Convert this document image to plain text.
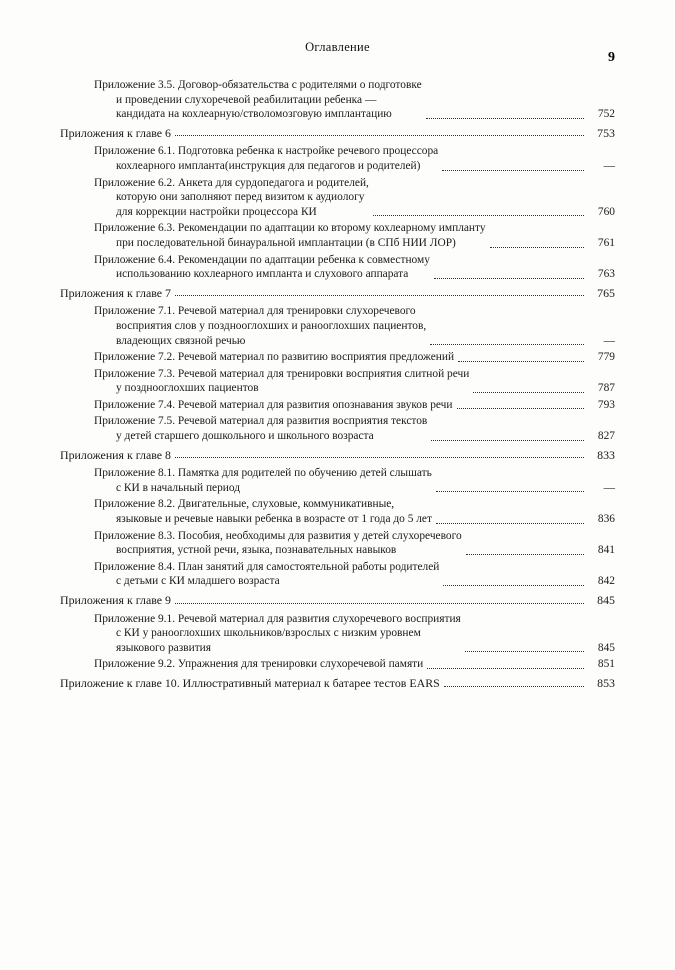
Оглавление
9
Приложение 3.5. Договор-обязательства с родителями о подготовке
и проведении слухоречевой реабилитации ребенка —
кандидата на кохлеарную/стволомозговую имплантацию	752
Приложения к главе 6	753
Приложение 6.1. Подготовка ребенка к настройке речевого процессора
кохлеарного импланта(инструкция для педагогов и родителей)	—
Приложение 6.2. Анкета для сурдопедагога и родителей,
которую они заполняют перед визитом к аудиологу
для коррекции настройки процессора КИ	760
Приложение 6.3. Рекомендации по адаптации ко второму кохлеарному импланту
при последовательной бинауральной имплантации (в СПб НИИ ЛОР)	761
Приложение 6.4. Рекомендации по адаптации ребенка к совместному
использованию кохлеарного импланта и слухового аппарата	763
Приложения к главе 7	765
Приложение 7.1. Речевой материал для тренировки слухоречевого
восприятия слов у позднооглохших и ранооглохших пациентов,
владеющих связной речью	—
Приложение 7.2. Речевой материал по развитию восприятия предложений	779
Приложение 7.3. Речевой материал для тренировки восприятия слитной речи
у позднооглохших пациентов	787
Приложение 7.4. Речевой материал для развития опознавания звуков речи	793
Приложение 7.5. Речевой материал для развития восприятия текстов
у детей старшего дошкольного и школьного возраста	827
Приложения к главе 8	833
Приложение 8.1. Памятка для родителей по обучению детей слышать
с КИ в начальный период	—
Приложение 8.2. Двигательные, слуховые, коммуникативные,
языковые и речевые навыки ребенка в возрасте от 1 года до 5 лет	836
Приложение 8.3. Пособия, необходимы для развития у детей слухоречевого
восприятия, устной речи, языка, познавательных навыков	841
Приложение 8.4. План занятий для самостоятельной работы родителей
с детьми с КИ младшего возраста	842
Приложения к главе 9	845
Приложение 9.1. Речевой материал для развития слухоречевого восприятия
с КИ у ранооглохших школьников/взрослых с низким уровнем
языкового развития	845
Приложение 9.2. Упражнения для тренировки слухоречевой памяти	851
Приложение к главе 10. Иллюстративный материал к батарее тестов EARS	853
